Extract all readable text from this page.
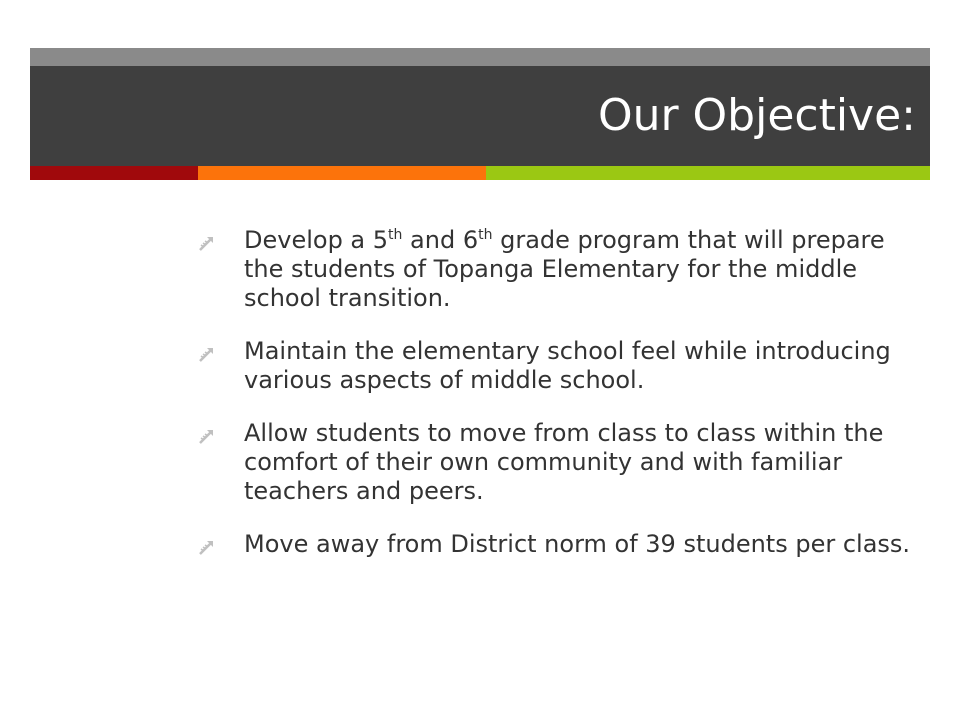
Our Objective:
Develop a 5th and 6th grade program that will prepare the students of Topanga Elementary for the middle school transition.
Maintain the elementary school feel while introducing various aspects of middle school.
Allow students to move from class to class within the comfort of their own community and with familiar teachers and peers.
Move away from District norm of 39 students per class.
